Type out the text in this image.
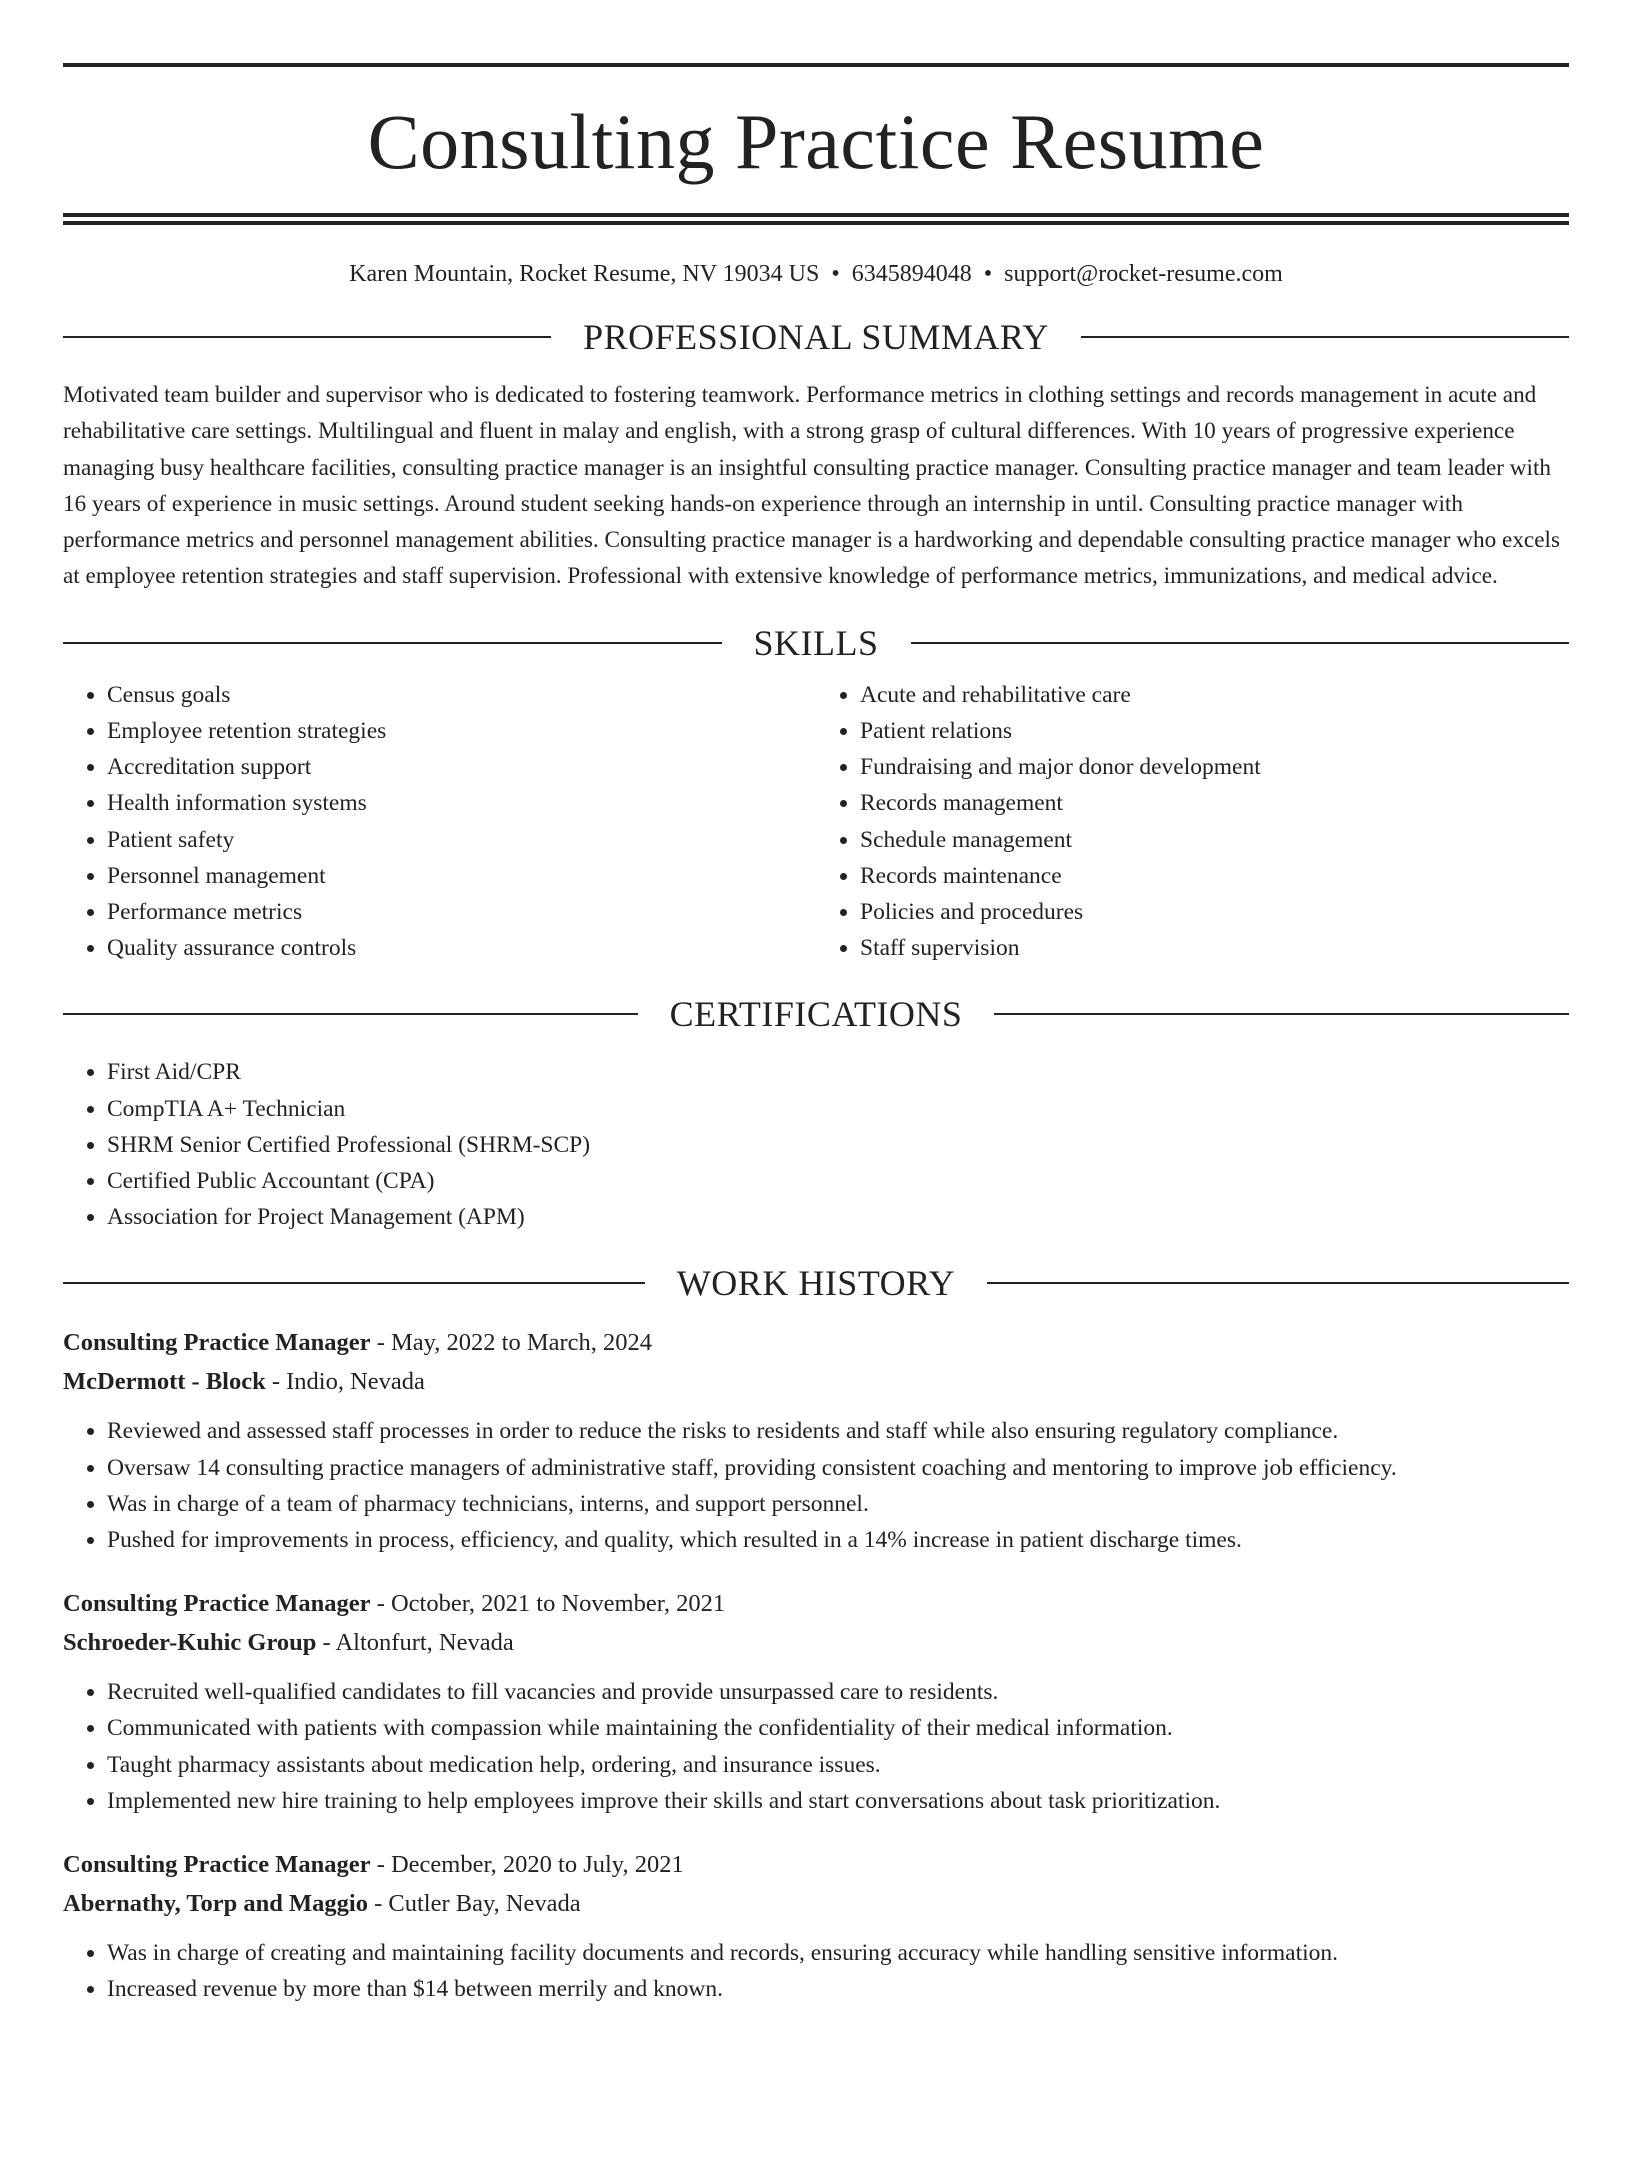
Consulting Practice Resume
Karen Mountain, Rocket Resume, NV 19034 US • 6345894048 • support@rocket-resume.com
PROFESSIONAL SUMMARY
Motivated team builder and supervisor who is dedicated to fostering teamwork. Performance metrics in clothing settings and records management in acute and rehabilitative care settings. Multilingual and fluent in malay and english, with a strong grasp of cultural differences. With 10 years of progressive experience managing busy healthcare facilities, consulting practice manager is an insightful consulting practice manager. Consulting practice manager and team leader with 16 years of experience in music settings. Around student seeking hands-on experience through an internship in until. Consulting practice manager with performance metrics and personnel management abilities. Consulting practice manager is a hardworking and dependable consulting practice manager who excels at employee retention strategies and staff supervision. Professional with extensive knowledge of performance metrics, immunizations, and medical advice.
SKILLS
• Census goals
• Employee retention strategies
• Accreditation support
• Health information systems
• Patient safety
• Personnel management
• Performance metrics
• Quality assurance controls
• Acute and rehabilitative care
• Patient relations
• Fundraising and major donor development
• Records management
• Schedule management
• Records maintenance
• Policies and procedures
• Staff supervision
CERTIFICATIONS
• First Aid/CPR
• CompTIA A+ Technician
• SHRM Senior Certified Professional (SHRM-SCP)
• Certified Public Accountant (CPA)
• Association for Project Management (APM)
WORK HISTORY
Consulting Practice Manager - May, 2022 to March, 2024
McDermott - Block - Indio, Nevada
• Reviewed and assessed staff processes in order to reduce the risks to residents and staff while also ensuring regulatory compliance.
• Oversaw 14 consulting practice managers of administrative staff, providing consistent coaching and mentoring to improve job efficiency.
• Was in charge of a team of pharmacy technicians, interns, and support personnel.
• Pushed for improvements in process, efficiency, and quality, which resulted in a 14% increase in patient discharge times.
Consulting Practice Manager - October, 2021 to November, 2021
Schroeder-Kuhic Group - Altonfurt, Nevada
• Recruited well-qualified candidates to fill vacancies and provide unsurpassed care to residents.
• Communicated with patients with compassion while maintaining the confidentiality of their medical information.
• Taught pharmacy assistants about medication help, ordering, and insurance issues.
• Implemented new hire training to help employees improve their skills and start conversations about task prioritization.
Consulting Practice Manager - December, 2020 to July, 2021
Abernathy, Torp and Maggio - Cutler Bay, Nevada
• Was in charge of creating and maintaining facility documents and records, ensuring accuracy while handling sensitive information.
• Increased revenue by more than $14 between merrily and known.
